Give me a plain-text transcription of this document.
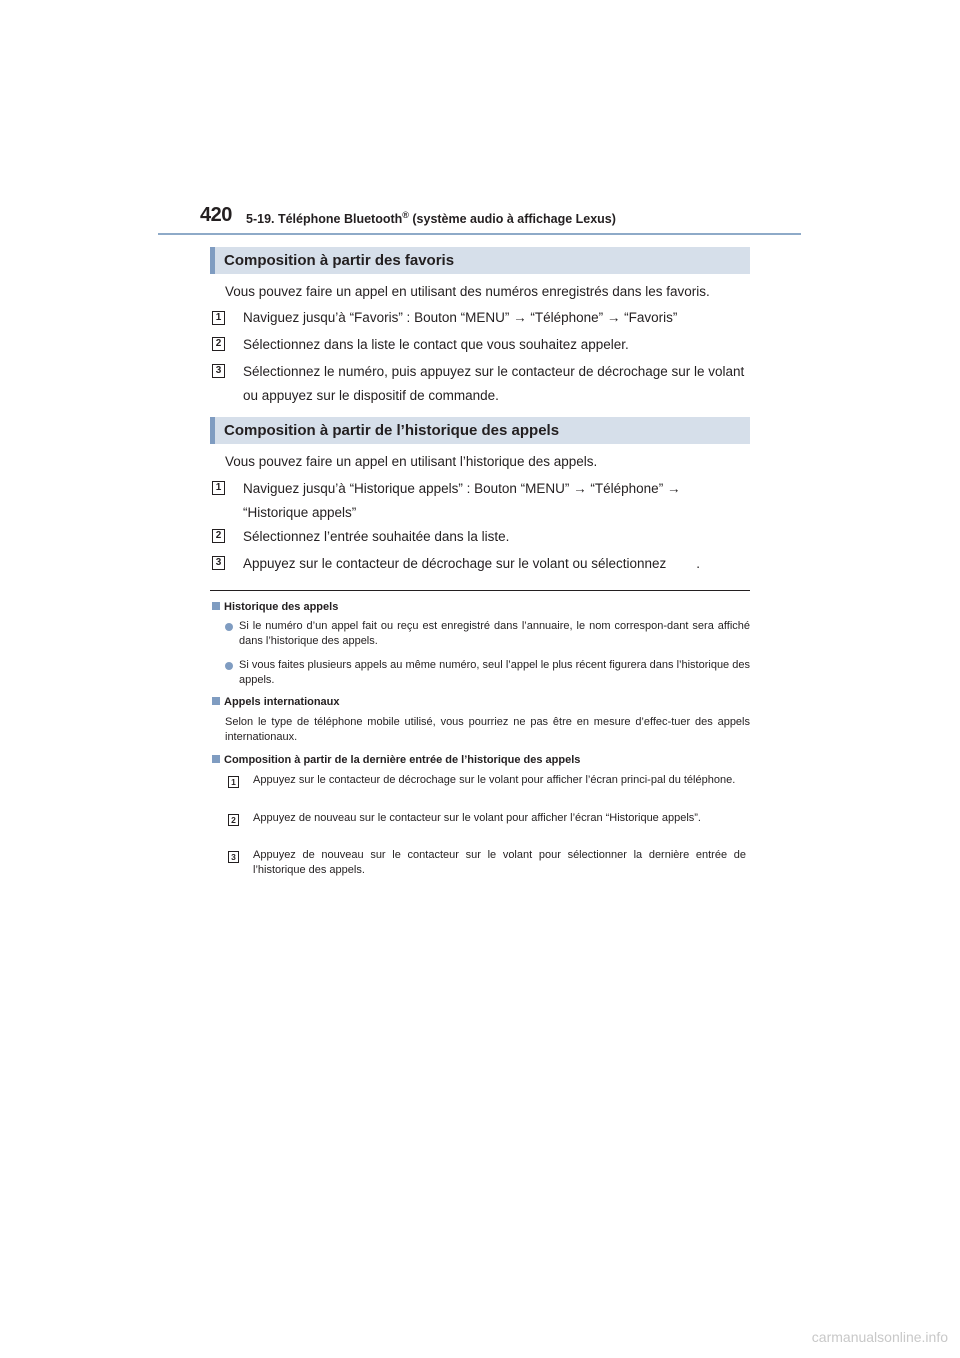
420 5-19. Téléphone Bluetooth® (système audio à affichage Lexus)
Composition à partir des favoris
Vous pouvez faire un appel en utilisant des numéros enregistrés dans les favoris.
1 Naviguez jusqu’à “Favoris” : Bouton “MENU” → “Téléphone” → “Favoris”
2 Sélectionnez dans la liste le contact que vous souhaitez appeler.
3 Sélectionnez le numéro, puis appuyez sur le contacteur de décrochage sur le volant ou appuyez sur le dispositif de commande.
Composition à partir de l’historique des appels
Vous pouvez faire un appel en utilisant l’historique des appels.
1 Naviguez jusqu’à “Historique appels” : Bouton “MENU” → “Téléphone” → “Historique appels”
2 Sélectionnez l’entrée souhaitée dans la liste.
3 Appuyez sur le contacteur de décrochage sur le volant ou sélectionnez        .
Historique des appels
Si le numéro d’un appel fait ou reçu est enregistré dans l’annuaire, le nom correspon-dant sera affiché dans l’historique des appels.
Si vous faites plusieurs appels au même numéro, seul l’appel le plus récent figurera dans l’historique des appels.
Appels internationaux
Selon le type de téléphone mobile utilisé, vous pourriez ne pas être en mesure d’effec-tuer des appels internationaux.
Composition à partir de la dernière entrée de l’historique des appels
1 Appuyez sur le contacteur de décrochage sur le volant pour afficher l’écran princi-pal du téléphone.
2 Appuyez de nouveau sur le contacteur sur le volant pour afficher l’écran “Historique appels”.
3 Appuyez de nouveau sur le contacteur sur le volant pour sélectionner la dernière entrée de l’historique des appels.
carmanualsonline.info
